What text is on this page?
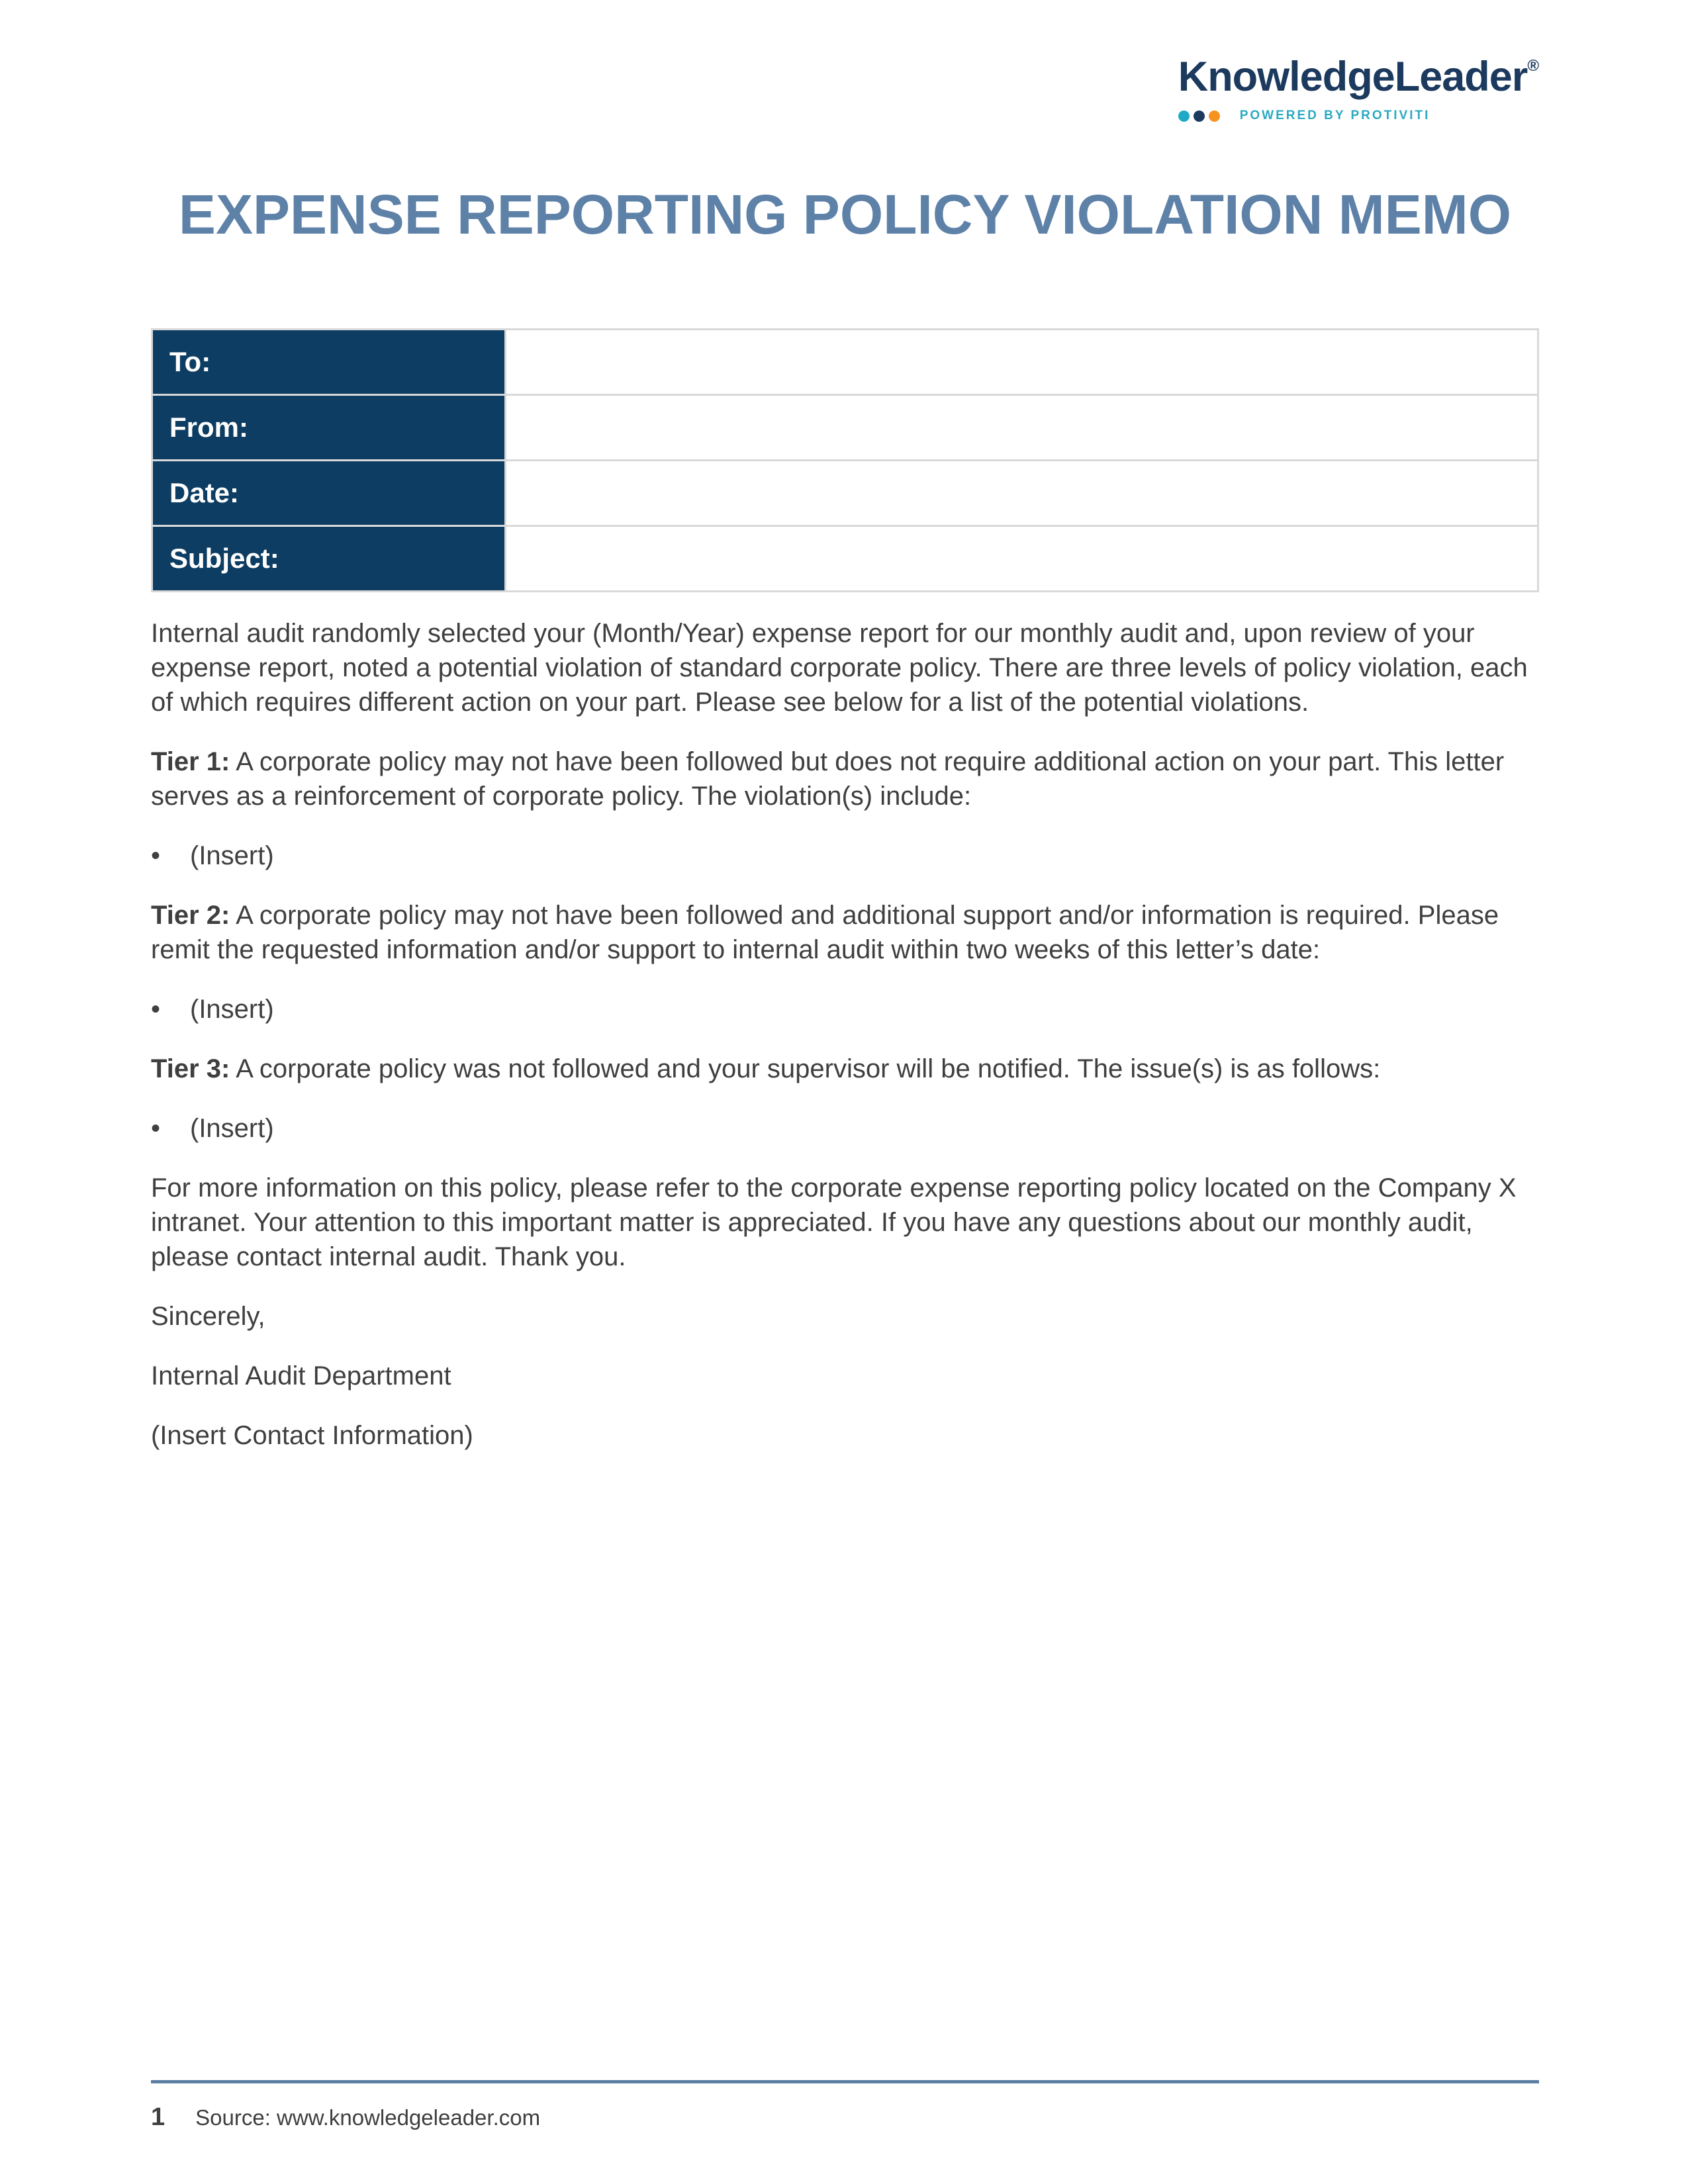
KnowledgeLeader®
POWERED BY PROTIVITI
EXPENSE REPORTING POLICY VIOLATION MEMO
To:	
From:	
Date:	
Subject:	

Internal audit randomly selected your (Month/Year) expense report for our monthly audit and, upon review of your expense report, noted a potential violation of standard corporate policy. There are three levels of policy violation, each of which requires different action on your part. Please see below for a list of the potential violations.

Tier 1: A corporate policy may not have been followed but does not require additional action on your part. This letter serves as a reinforcement of corporate policy. The violation(s) include:

•	(Insert)

Tier 2: A corporate policy may not have been followed and additional support and/or information is required. Please remit the requested information and/or support to internal audit within two weeks of this letter’s date:

•	(Insert)

Tier 3: A corporate policy was not followed and your supervisor will be notified. The issue(s) is as follows:

•	(Insert)

For more information on this policy, please refer to the corporate expense reporting policy located on the Company X intranet. Your attention to this important matter is appreciated. If you have any questions about our monthly audit, please contact internal audit. Thank you.

Sincerely,

Internal Audit Department

(Insert Contact Information)

1 Source: www.knowledgeleader.com
